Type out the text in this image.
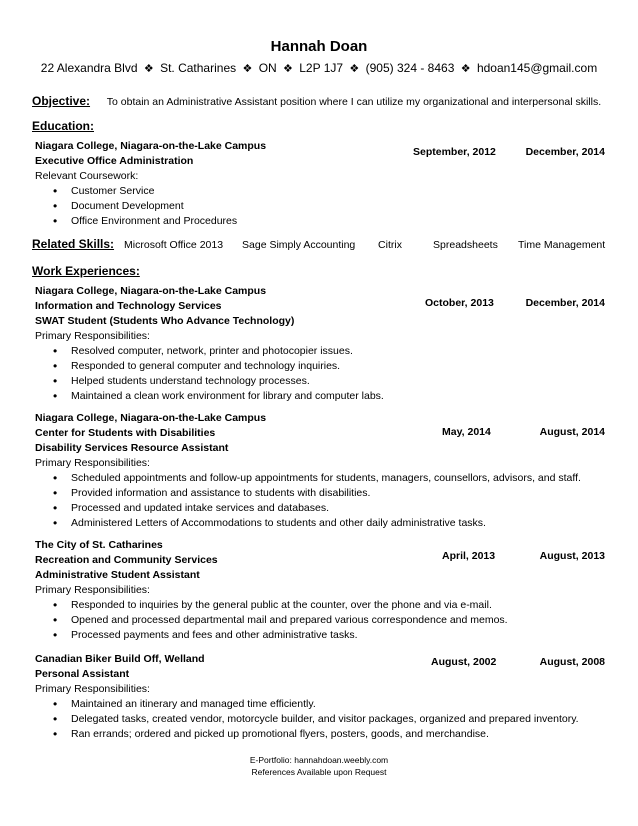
Hannah Doan
22 Alexandra Blvd ❖ St. Catharines ❖ ON ❖ L2P 1J7 ❖ (905) 324 - 8463 ❖ hdoan145@gmail.com
Objective: To obtain an Administrative Assistant position where I can utilize my organizational and interpersonal skills.
Education:
Niagara College, Niagara-on-the-Lake Campus
Executive Office Administration
Relevant Coursework:
• Customer Service
• Document Development
• Office Environment and Procedures
September, 2012	December, 2014
Related Skills: Microsoft Office 2013	Sage Simply Accounting	Citrix	Spreadsheets	Time Management
Work Experiences:
Niagara College, Niagara-on-the-Lake Campus
Information and Technology Services
SWAT Student (Students Who Advance Technology)
Primary Responsibilities:
• Resolved computer, network, printer and photocopier issues.
• Responded to general computer and technology inquiries.
• Helped students understand technology processes.
• Maintained a clean work environment for library and computer labs.
October, 2013	December, 2014
Niagara College, Niagara-on-the-Lake Campus
Center for Students with Disabilities
Disability Services Resource Assistant
Primary Responsibilities:
• Scheduled appointments and follow-up appointments for students, managers, counsellors, advisors, and staff.
• Provided information and assistance to students with disabilities.
• Processed and updated intake services and databases.
• Administered Letters of Accommodations to students and other daily administrative tasks.
May, 2014	August, 2014
The City of St. Catharines
Recreation and Community Services
Administrative Student Assistant
Primary Responsibilities:
• Responded to inquiries by the general public at the counter, over the phone and via e-mail.
• Opened and processed departmental mail and prepared various correspondence and memos.
• Processed payments and fees and other administrative tasks.
April, 2013	August, 2013
Canadian Biker Build Off, Welland
Personal Assistant
Primary Responsibilities:
• Maintained an itinerary and managed time efficiently.
• Delegated tasks, created vendor, motorcycle builder, and visitor packages, organized and prepared inventory.
• Ran errands; ordered and picked up promotional flyers, posters, goods, and merchandise.
August, 2002	August, 2008
E-Portfolio: hannahdoan.weebly.com
References Available upon Request
